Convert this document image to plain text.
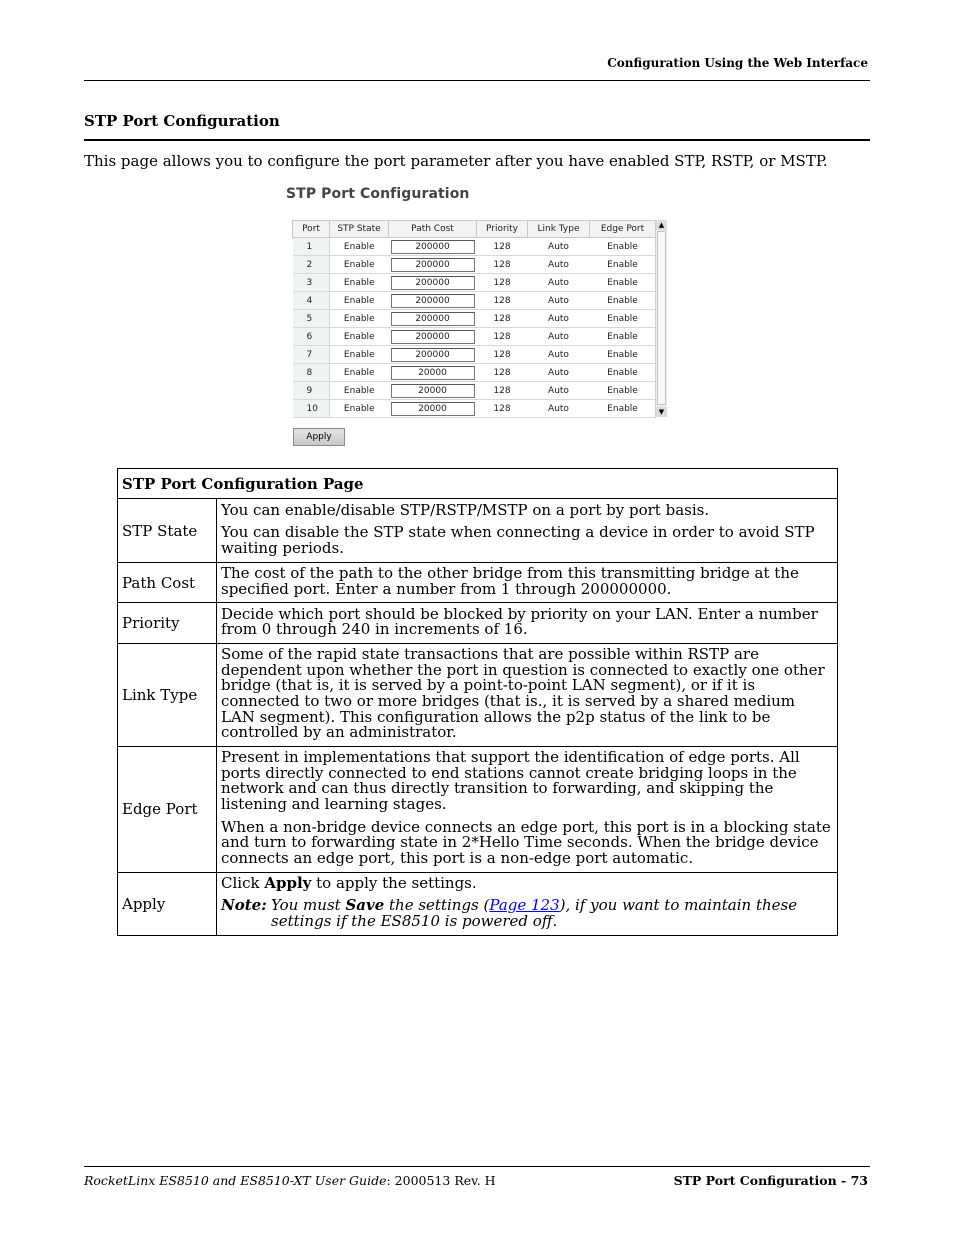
Configuration Using the Web Interface
STP Port Configuration
This page allows you to configure the port parameter after you have enabled STP, RSTP, or MSTP.
STP Port Configuration
Port	STP State	Path Cost	Priority	Link Type	Edge Port
1	Enable	200000	128	Auto	Enable
2	Enable	200000	128	Auto	Enable
3	Enable	200000	128	Auto	Enable
4	Enable	200000	128	Auto	Enable
5	Enable	200000	128	Auto	Enable
6	Enable	200000	128	Auto	Enable
7	Enable	200000	128	Auto	Enable
8	Enable	20000	128	Auto	Enable
9	Enable	20000	128	Auto	Enable
10	Enable	20000	128	Auto	Enable
▲
▼
Apply
STP Port Configuration Page	
STP State	You can enable/disable STP/RSTP/MSTP on a port by port basis.

You can disable the STP state when connecting a device in order to avoid STP waiting periods.

Path Cost	The cost of the path to the other bridge from this transmitting bridge at the specified port. Enter a number from 1 through 200000000.

Priority	Decide which port should be blocked by priority on your LAN. Enter a number from 0 through 240 in increments of 16.

Link Type	Some of the rapid state transactions that are possible within RSTP are dependent upon whether the port in question is connected to exactly one other bridge (that is, it is served by a point-to-point LAN segment), or if it is connected to two or more bridges (that is., it is served by a shared medium LAN segment). This configuration allows the p2p status of the link to be controlled by an administrator.

Edge Port	Present in implementations that support the identification of edge ports. All ports directly connected to end stations cannot create bridging loops in the network and can thus directly transition to forwarding, and skipping the listening and learning stages.

When a non-bridge device connects an edge port, this port is in a blocking state and turn to forwarding state in 2*Hello Time seconds. When the bridge device connects an edge port, this port is a non-edge port automatic.

Apply	Click Apply to apply the settings.

Note: You must Save the settings (Page 123), if you want to maintain these settings if the ES8510 is powered off.
RocketLinx ES8510 and ES8510-XT User Guide: 2000513 Rev. H	STP Port Configuration - 73
